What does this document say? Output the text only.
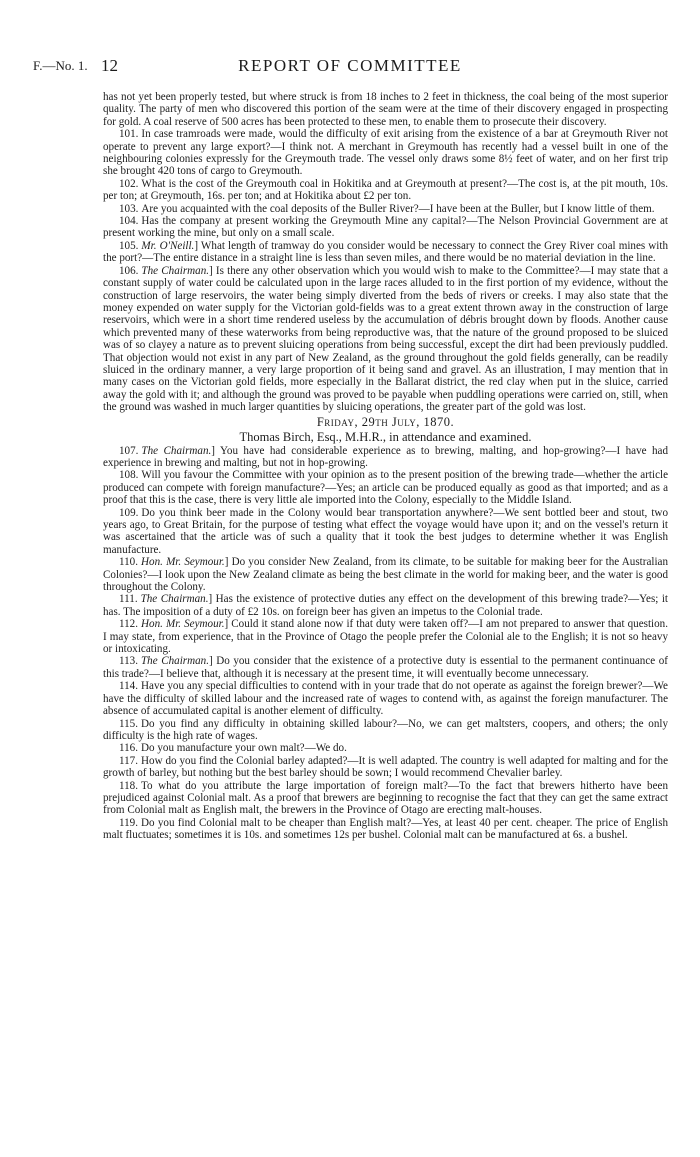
F.—No. 1. 12	REPORT OF COMMITTEE

has not yet been properly tested, but where struck is from 18 inches to 2 feet in thickness, the coal being of the most superior quality. The party of men who discovered this portion of the seam were at the time of their discovery engaged in prospecting for gold. A coal reserve of 500 acres has been protected to these men, to enable them to prosecute their discovery.

101. In case tramroads were made, would the difficulty of exit arising from the existence of a bar at Greymouth River not operate to prevent any large export?—I think not. A merchant in Greymouth has recently had a vessel built in one of the neighbouring colonies expressly for the Greymouth trade. The vessel only draws some 8½ feet of water, and on her first trip she brought 420 tons of cargo to Greymouth.

102. What is the cost of the Greymouth coal in Hokitika and at Greymouth at present?—The cost is, at the pit mouth, 10s. per ton; at Greymouth, 16s. per ton; and at Hokitika about £2 per ton.

103. Are you acquainted with the coal deposits of the Buller River?—I have been at the Buller, but I know little of them.

104. Has the company at present working the Greymouth Mine any capital?—The Nelson Provincial Government are at present working the mine, but only on a small scale.

105. Mr. O'Neill.] What length of tramway do you consider would be necessary to connect the Grey River coal mines with the port?—The entire distance in a straight line is less than seven miles, and there would be no material deviation in the line.

106. The Chairman.] Is there any other observation which you would wish to make to the Committee?—I may state that a constant supply of water could be calculated upon in the large races alluded to in the first portion of my evidence, without the construction of large reservoirs, the water being simply diverted from the beds of rivers or creeks. I may also state that the money expended on water supply for the Victorian gold-fields was to a great extent thrown away in the construction of large reservoirs, which were in a short time rendered useless by the accumulation of débris brought down by floods. Another cause which prevented many of these waterworks from being reproductive was, that the nature of the ground proposed to be sluiced was of so clayey a nature as to prevent sluicing operations from being successful, except the dirt had been previously puddled. That objection would not exist in any part of New Zealand, as the ground throughout the gold fields generally, can be readily sluiced in the ordinary manner, a very large proportion of it being sand and gravel. As an illustration, I may mention that in many cases on the Victorian gold fields, more especially in the Ballarat district, the red clay when put in the sluice, carried away the gold with it; and although the ground was proved to be payable when puddling operations were carried on, still, when the ground was washed in much larger quantities by sluicing operations, the greater part of the gold was lost.

Friday, 29th July, 1870.

Thomas Birch, Esq., M.H.R., in attendance and examined.

107. The Chairman.] You have had considerable experience as to brewing, malting, and hop-growing?—I have had experience in brewing and malting, but not in hop-growing.

108. Will you favour the Committee with your opinion as to the present position of the brewing trade—whether the article produced can compete with foreign manufacture?—Yes; an article can be produced equally as good as that imported; and as a proof that this is the case, there is very little ale imported into the Colony, especially to the Middle Island.

109. Do you think beer made in the Colony would bear transportation anywhere?—We sent bottled beer and stout, two years ago, to Great Britain, for the purpose of testing what effect the voyage would have upon it; and on the vessel's return it was ascertained that the article was of such a quality that it took the best judges to determine whether it was English manufacture.

110. Hon. Mr. Seymour.] Do you consider New Zealand, from its climate, to be suitable for making beer for the Australian Colonies?—I look upon the New Zealand climate as being the best climate in the world for making beer, and the water is good throughout the Colony.

111. The Chairman.] Has the existence of protective duties any effect on the development of this brewing trade?—Yes; it has. The imposition of a duty of £2 10s. on foreign beer has given an impetus to the Colonial trade.

112. Hon. Mr. Seymour.] Could it stand alone now if that duty were taken off?—I am not prepared to answer that question. I may state, from experience, that in the Province of Otago the people prefer the Colonial ale to the English; it is not so heavy or intoxicating.

113. The Chairman.] Do you consider that the existence of a protective duty is essential to the permanent continuance of this trade?—I believe that, although it is necessary at the present time, it will eventually become unnecessary.

114. Have you any special difficulties to contend with in your trade that do not operate as against the foreign brewer?—We have the difficulty of skilled labour and the increased rate of wages to contend with, as against the foreign manufacturer. The absence of accumulated capital is another element of difficulty.

115. Do you find any difficulty in obtaining skilled labour?—No, we can get maltsters, coopers, and others; the only difficulty is the high rate of wages.

116. Do you manufacture your own malt?—We do.

117. How do you find the Colonial barley adapted?—It is well adapted. The country is well adapted for malting and for the growth of barley, but nothing but the best barley should be sown; I would recommend Chevalier barley.

118. To what do you attribute the large importation of foreign malt?—To the fact that brewers hitherto have been prejudiced against Colonial malt. As a proof that brewers are beginning to recognise the fact that they can get the same extract from Colonial malt as English malt, the brewers in the Province of Otago are erecting malt-houses.

119. Do you find Colonial malt to be cheaper than English malt?—Yes, at least 40 per cent. cheaper. The price of English malt fluctuates; sometimes it is 10s. and sometimes 12s per bushel. Colonial malt can be manufactured at 6s. a bushel.
